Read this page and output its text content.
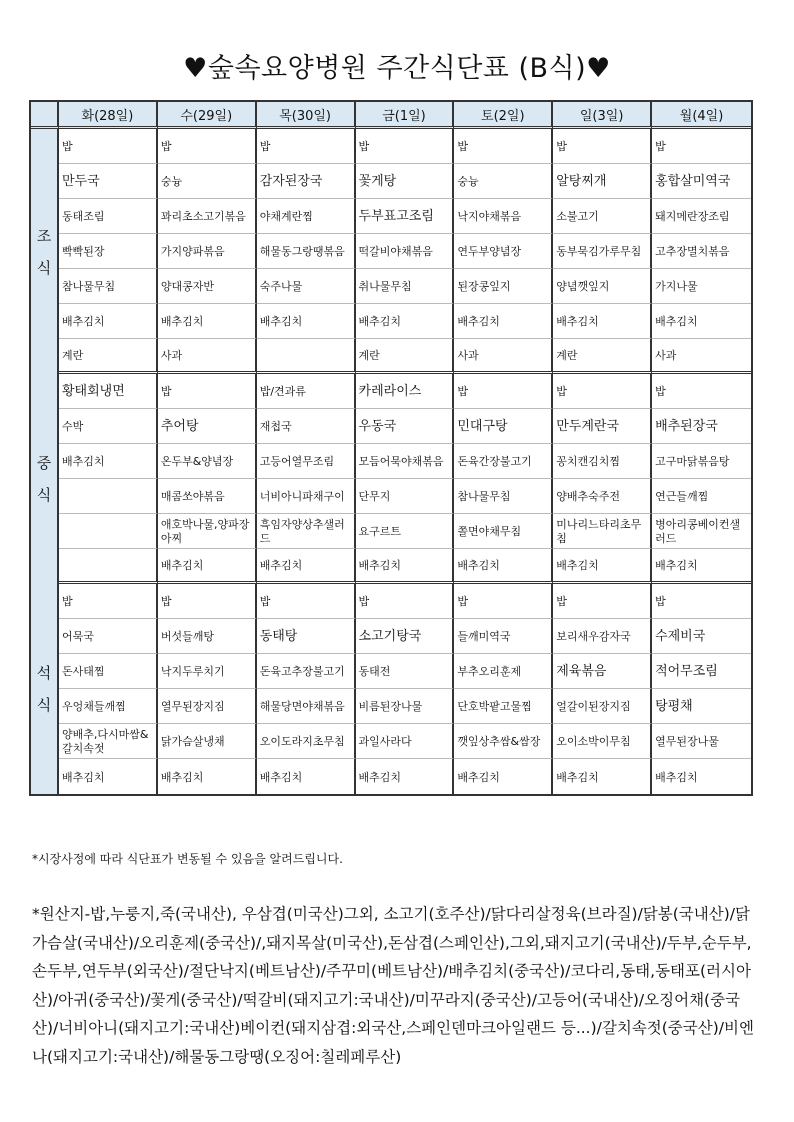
♥숲속요양병원 주간식단표 (B식)♥
	화(28일)	수(29일)	목(30일)	금(1일)	토(2일)	일(3일)	월(4일)

조
식	밥	밥	밥	밥	밥	밥	밥
	만두국	숭늉	감자된장국	꽃게탕	숭늉	알탕찌개	홍합살미역국
	동태조림	꽈리초소고기볶음	야채계란찜	두부표고조림	낙지야채볶음	소불고기	돼지메란장조림
	빡빡된장	가지양파볶음	해물동그랑땡볶음	떡갈비야채볶음	연두부양념장	동부묵김가루무침	고추장멸치볶음
	참나물무침	양대콩자반	숙주나물	취나물무침	된장콩잎지	양념깻잎지	가지나물
	배추김치	배추김치	배추김치	배추김치	배추김치	배추김치	배추김치
	계란	사과		계란	사과	계란	사과

중
식	황태회냉면	밥	밥/견과류	카레라이스	밥	밥	밥
	수박	추어탕	재첩국	우동국	민대구탕	만두계란국	배추된장국
	배추김치	온두부&양념장	고등어열무조림	모듬어묵야채볶음	돈육간장불고기	꽁치캔김치찜	고구마닭볶음탕
		매콤쏘야볶음	너비아니파채구이	단무지	참나물무침	양배추숙주전	연근들깨찜
		애호박나물,양파장아찌	흑임자양상추샐러드	요구르트	쫄면야채무침	미나리느타리초무침	병아리콩베이컨샐러드
		배추김치	배추김치	배추김치	배추김치	배추김치	배추김치

석
식	밥	밥	밥	밥	밥	밥	밥
	어묵국	버섯들깨탕	동태탕	소고기탕국	들깨미역국	보리새우감자국	수제비국
	돈사태찜	낙지두루치기	돈육고추장불고기	동태전	부추오리훈제	제육볶음	적어무조림
	우엉채들깨찜	열무된장지짐	해물당면야채볶음	비름된장나물	단호박팥고물찜	얼갈이된장지짐	탕평채
	양배추,다시마쌈&갈치속젓	닭가슴살냉채	오이도라지초무침	과일사라다	깻잎상추쌈&쌈장	오이소박이무침	열무된장나물
	배추김치	배추김치	배추김치	배추김치	배추김치	배추김치	배추김치
*시장사정에 따라 식단표가 변동될 수 있음을 알려드립니다.
*원산지-밥,누룽지,죽(국내산), 우삼겹(미국산)그외, 소고기(호주산)/닭다리살정육(브라질)/닭봉(국내산)/닭가슴살(국내산)/오리훈제(중국산)/,돼지목살(미국산),돈삼겹(스페인산),그외,돼지고기(국내산)/두부,순두부,손두부,연두부(외국산)/절단낙지(베트남산)/주꾸미(베트남산)/배추김치(중국산)/코다리,동태,동태포(러시아산)/아귀(중국산)/꽃게(중국산)/떡갈비(돼지고기:국내산)/미꾸라지(중국산)/고등어(국내산)/오징어채(중국산)/너비아니(돼지고기:국내산)베이컨(돼지삼겹:외국산,스페인덴마크아일랜드 등...)/갈치속젓(중국산)/비엔나(돼지고기:국내산)/해물동그랑땡(오징어:칠레페루산)
